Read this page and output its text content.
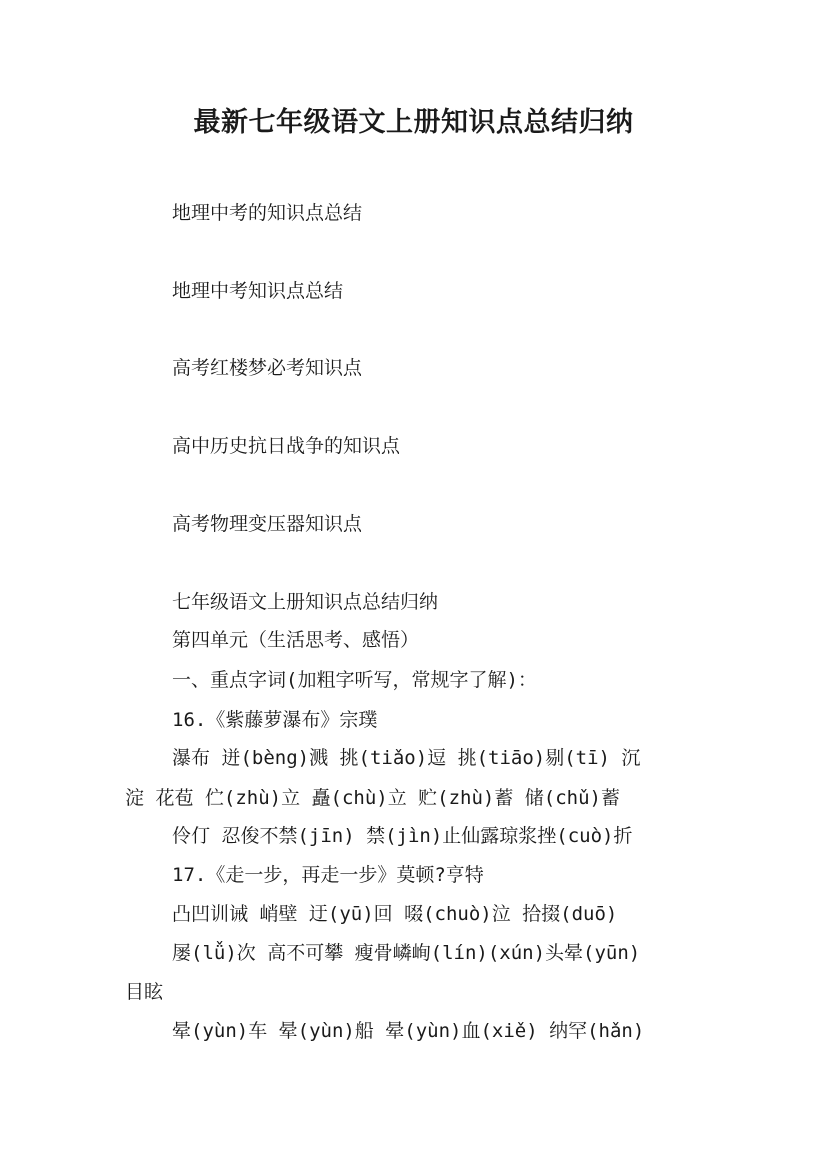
最新七年级语文上册知识点总结归纳

地理中考的知识点总结

地理中考知识点总结

高考红楼梦必考知识点

高中历史抗日战争的知识点

高考物理变压器知识点

七年级语文上册知识点总结归纳

第四单元（生活思考、感悟）

一、重点字词(加粗字听写，常规字了解)：

16.《紫藤萝瀑布》宗璞

瀑布 迸(bèng)溅 挑(tiǎo)逗 挑(tiāo)剔(tī) 沉

淀 花苞 伫(zhù)立 矗(chù)立 贮(zhù)蓄 储(chǔ)蓄

伶仃 忍俊不禁(jīn) 禁(jìn)止仙露琼浆挫(cuò)折

17.《走一步，再走一步》莫顿?亨特

凸凹训诫 峭壁 迂(yū)回 啜(chuò)泣 拾掇(duō)

屡(lǚ)次 高不可攀 瘦骨嶙峋(lín)(xún)头晕(yūn)

目眩

晕(yùn)车 晕(yùn)船 晕(yùn)血(xiě) 纳罕(hǎn)
